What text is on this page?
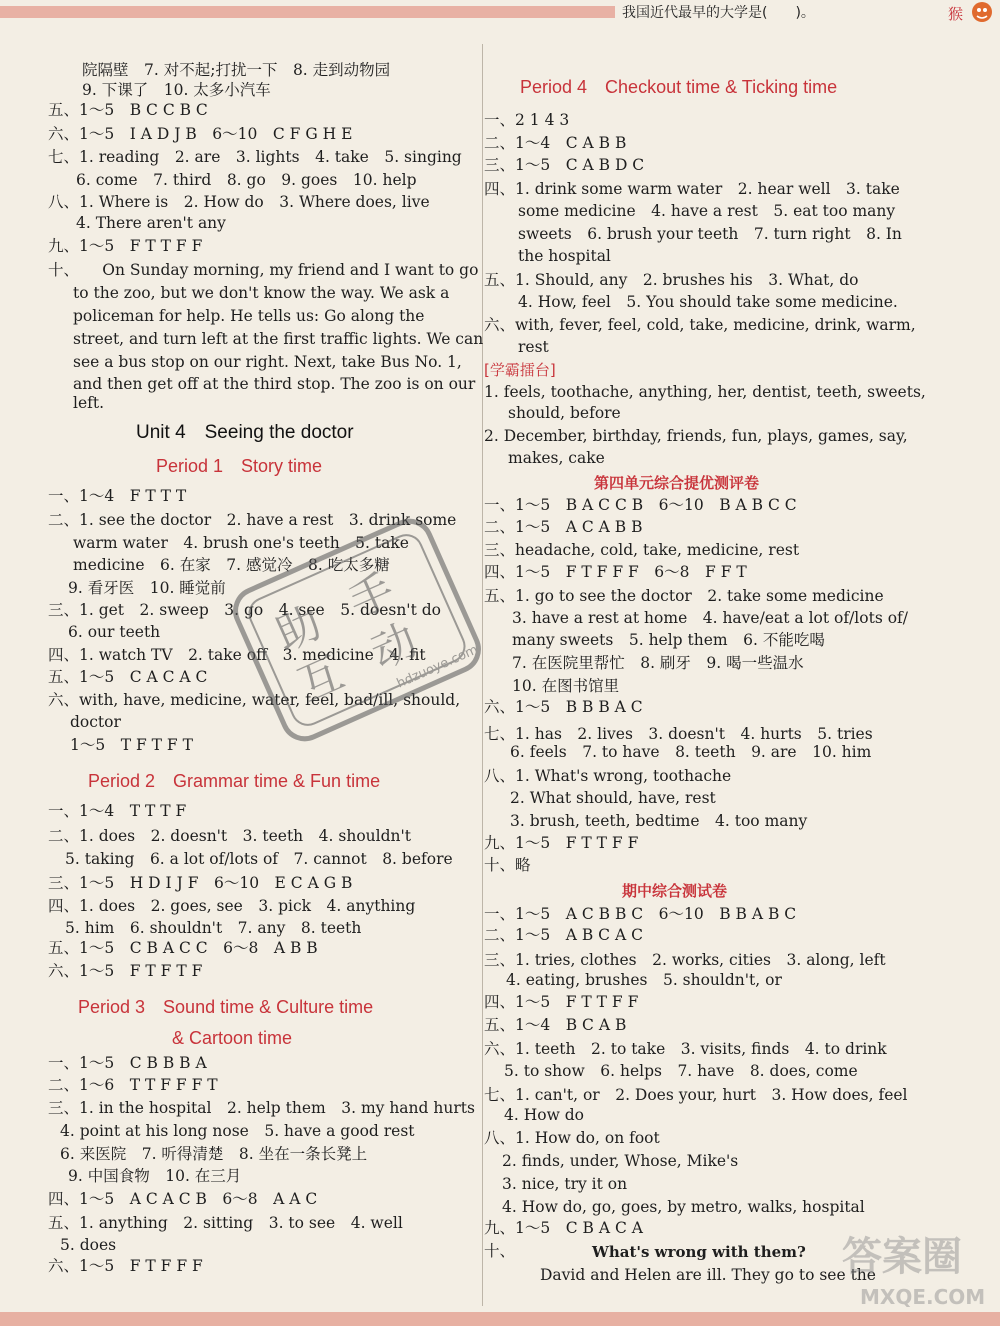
我国近代最早的大学是(　　)。	猴
院隔壁　7. 对不起;打扰一下　8. 走到动物园
9. 下课了　10. 太多小汽车
五、1～5　B C C B C
六、1～5　I A D J B　6～10　C F G H E
七、1. reading　2. are　3. lights　4. take　5. singing
6. come　7. third　8. go　9. goes　10. help
八、1. Where is　2. How do　3. Where does, live
4. There aren't any
九、1～5　F T T F F
十、　　On Sunday morning, my friend and I want to go
to the zoo, but we don't know the way. We ask a
policeman for help. He tells us: Go along the
street, and turn left at the first traffic lights. We can
see a bus stop on our right. Next, take Bus No. 1,
and then get off at the third stop. The zoo is on our
left.
Unit 4　Seeing the doctor
Period 1　Story time
一、1～4　F T T T
二、1. see the doctor　2. have a rest　3. drink some
warm water　4. brush one's teeth　5. take
medicine　6. 在家　7. 感觉冷　8. 吃太多糖
9. 看牙医　10. 睡觉前
三、1. get　2. sweep　3. go　4. see　5. doesn't do
6. our teeth
四、1. watch TV　2. take off　3. medicine　4. fit
五、1～5　C A C A C
六、with, have, medicine, water, feel, bad/ill, should,
doctor
1～5　T F T F T
Period 2　Grammar time & Fun time
一、1～4　T T T F
二、1. does　2. doesn't　3. teeth　4. shouldn't
5. taking　6. a lot of/lots of　7. cannot　8. before
三、1～5　H D I J F　6～10　E C A G B
四、1. does　2. goes, see　3. pick　4. anything
5. him　6. shouldn't　7. any　8. teeth
五、1～5　C B A C C　6～8　A B B
六、1～5　F T F T F
Period 3　Sound time & Culture time
& Cartoon time
一、1～5　C B B B A
二、1～6　T T F F F T
三、1. in the hospital　2. help them　3. my hand hurts
4. point at his long nose　5. have a good rest
6. 来医院　7. 听得清楚　8. 坐在一条长凳上
9. 中国食物　10. 在三月
四、1～5　A C A C B　6～8　A A C
五、1. anything　2. sitting　3. to see　4. well
5. does
六、1～5　F T F F F
Period 4　Checkout time & Ticking time
一、2 1 4 3
二、1～4　C A B B
三、1～5　C A B D C
四、1. drink some warm water　2. hear well　3. take
some medicine　4. have a rest　5. eat too many
sweets　6. brush your teeth　7. turn right　8. In
the hospital
五、1. Should, any　2. brushes his　3. What, do
4. How, feel　5. You should take some medicine.
六、with, fever, feel, cold, take, medicine, drink, warm,
rest
[学霸擂台]
1. feels, toothache, anything, her, dentist, teeth, sweets,
should, before
2. December, birthday, friends, fun, plays, games, say,
makes, cake
第四单元综合提优测评卷
一、1～5　B A C C B　6～10　B A B C C
二、1～5　A C A B B
三、headache, cold, take, medicine, rest
四、1～5　F T F F F　6～8　F F T
五、1. go to see the doctor　2. take some medicine
3. have a rest at home　4. have/eat a lot of/lots of/
many sweets　5. help them　6. 不能吃喝
7. 在医院里帮忙　8. 刷牙　9. 喝一些温水
10. 在图书馆里
六、1～5　B B B A C
七、1. has　2. lives　3. doesn't　4. hurts　5. tries
6. feels　7. to have　8. teeth　9. are　10. him
八、1. What's wrong, toothache
2. What should, have, rest
3. brush, teeth, bedtime　4. too many
九、1～5　F T T F F
十、略
期中综合测试卷
一、1～5　A C B B C　6～10　B B A B C
二、1～5　A B C A C
三、1. tries, clothes　2. works, cities　3. along, left
4. eating, brushes　5. shouldn't, or
四、1～5　F T T F F
五、1～4　B C A B
六、1. teeth　2. to take　3. visits, finds　4. to drink
5. to show　6. helps　7. have　8. does, come
七、1. can't, or　2. Does your, hurt　3. How does, feel
4. How do
八、1. How do, on foot
2. finds, under, Whose, Mike's
3. nice, try it on
4. How do, go, goes, by metro, walks, hospital
九、1～5　C B A C A
十、	What's wrong with them?
David and Helen are ill. They go to see the
助
手
互
动
hdzuoye.com
答案圈
MXQE.COM
